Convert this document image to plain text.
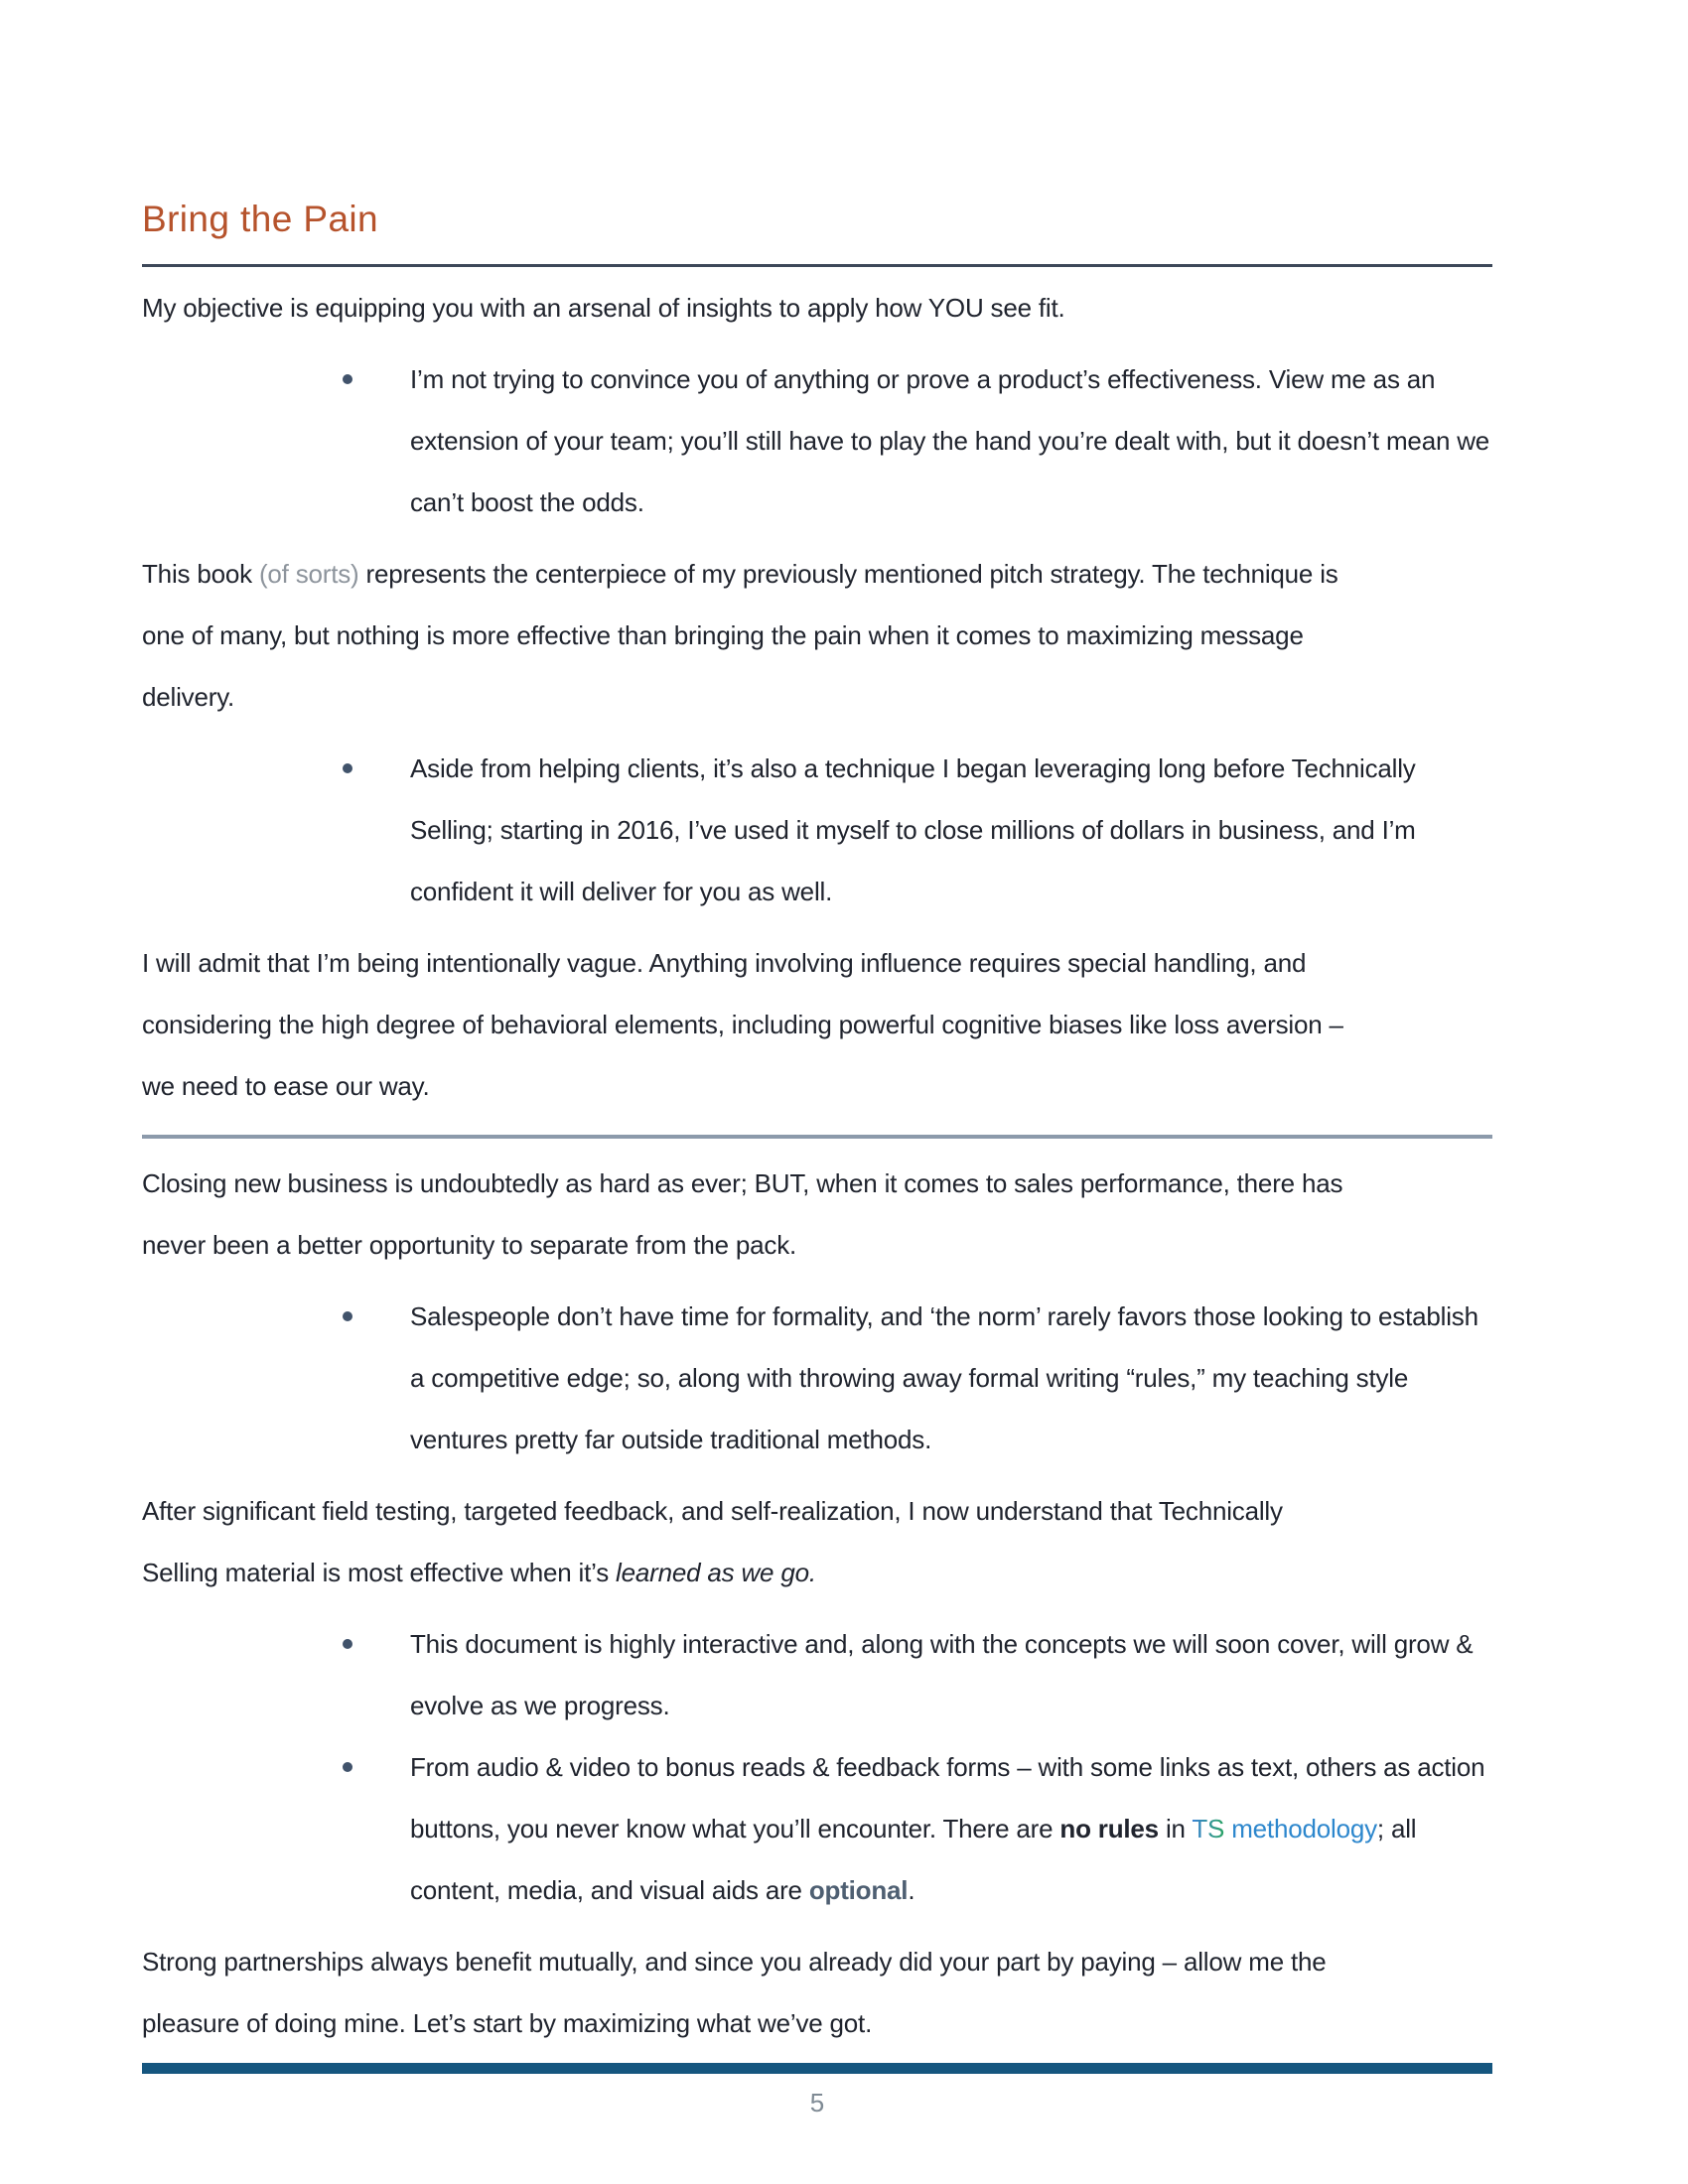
Bring the Pain

My objective is equipping you with an arsenal of insights to apply how YOU see fit.

I’m not trying to convince you of anything or prove a product’s effectiveness. View me as an extension of your team; you’ll still have to play the hand you’re dealt with, but it doesn’t mean we can’t boost the odds.

This book (of sorts) represents the centerpiece of my previously mentioned pitch strategy. The technique is one of many, but nothing is more effective than bringing the pain when it comes to maximizing message delivery.

Aside from helping clients, it’s also a technique I began leveraging long before Technically Selling; starting in 2016, I’ve used it myself to close millions of dollars in business, and I’m confident it will deliver for you as well.

I will admit that I’m being intentionally vague. Anything involving influence requires special handling, and considering the high degree of behavioral elements, including powerful cognitive biases like loss aversion – we need to ease our way.

Closing new business is undoubtedly as hard as ever; BUT, when it comes to sales performance, there has never been a better opportunity to separate from the pack.

Salespeople don’t have time for formality, and ‘the norm’ rarely favors those looking to establish a competitive edge; so, along with throwing away formal writing “rules,” my teaching style ventures pretty far outside traditional methods.

After significant field testing, targeted feedback, and self-realization, I now understand that Technically Selling material is most effective when it’s learned as we go.

This document is highly interactive and, along with the concepts we will soon cover, will grow & evolve as we progress.
From audio & video to bonus reads & feedback forms – with some links as text, others as action buttons, you never know what you’ll encounter. There are no rules in TS methodology; all content, media, and visual aids are optional.

Strong partnerships always benefit mutually, and since you already did your part by paying – allow me the pleasure of doing mine. Let’s start by maximizing what we’ve got.

5
